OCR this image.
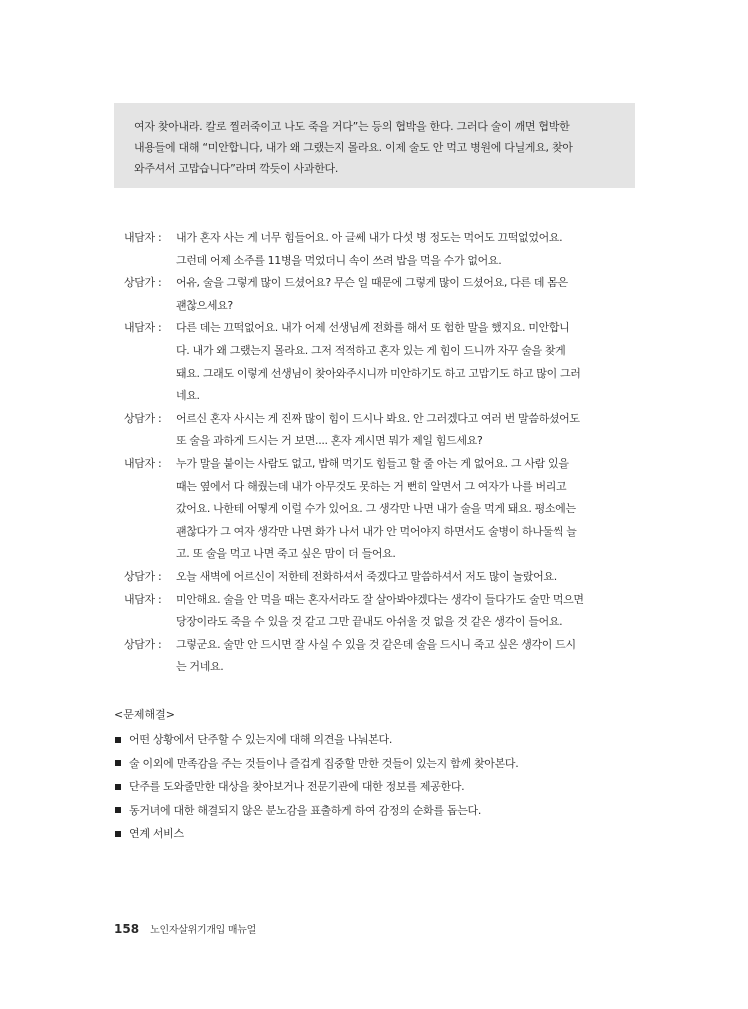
여자 찾아내라. 칼로 찔러죽이고 나도 죽을 거다”는 등의 협박을 한다. 그러다 술이 깨면 협박한

내용들에 대해 “미안합니다, 내가 왜 그랬는지 몰라요. 이제 술도 안 먹고 병원에 다닐게요, 찾아

와주셔서 고맙습니다”라며 깍듯이 사과한다.

내담자 :	내가 혼자 사는 게 너무 힘들어요. 아 글쎄 내가 다섯 병 정도는 먹어도 끄떡없었어요.

그런데 어제 소주를 11병을 먹었더니 속이 쓰려 밥을 먹을 수가 없어요.

상담가 :	어유, 술을 그렇게 많이 드셨어요? 무슨 일 때문에 그렇게 많이 드셨어요, 다른 데 몸은

괜찮으세요?

내담자 :	다른 데는 끄떡없어요. 내가 어제 선생님께 전화를 해서 또 험한 말을 했지요. 미안합니

다. 내가 왜 그랬는지 몰라요. 그저 적적하고 혼자 있는 게 힘이 드니까 자꾸 술을 찾게

돼요. 그래도 이렇게 선생님이 찾아와주시니까 미안하기도 하고 고맙기도 하고 많이 그러

네요.

상담가 :	어르신 혼자 사시는 게 진짜 많이 힘이 드시나 봐요. 안 그러겠다고 여러 번 말씀하셨어도

또 술을 과하게 드시는 거 보면.... 혼자 계시면 뭐가 제일 힘드세요?

내담자 :	누가 말을 붙이는 사람도 없고, 밥해 먹기도 힘들고 할 줄 아는 게 없어요. 그 사람 있을

때는 옆에서 다 해줬는데 내가 아무것도 못하는 거 뻔히 알면서 그 여자가 나를 버리고

갔어요. 나한테 어떻게 이럴 수가 있어요. 그 생각만 나면 내가 술을 먹게 돼요. 평소에는

괜찮다가 그 여자 생각만 나면 화가 나서 내가 안 먹어야지 하면서도 술병이 하나둘씩 늘

고. 또 술을 먹고 나면 죽고 싶은 맘이 더 들어요.

상담가 :	오늘 새벽에 어르신이 저한테 전화하셔서 죽겠다고 말씀하셔서 저도 많이 놀랐어요.

내담자 :	미안해요. 술을 안 먹을 때는 혼자서라도 잘 살아봐야겠다는 생각이 들다가도 술만 먹으면

당장이라도 죽을 수 있을 것 같고 그만 끝내도 아쉬울 것 없을 것 같은 생각이 들어요.

상담가 :	그렇군요. 술만 안 드시면 잘 사실 수 있을 것 같은데 술을 드시니 죽고 싶은 생각이 드시

는 거네요.

<문제해결>

어떤 상황에서 단주할 수 있는지에 대해 의견을 나눠본다.
술 이외에 만족감을 주는 것들이나 즐겁게 집중할 만한 것들이 있는지 함께 찾아본다.
단주를 도와줄만한 대상을 찾아보거나 전문기관에 대한 정보를 제공한다.
동거녀에 대한 해결되지 않은 분노감을 표출하게 하여 감정의 순화를 돕는다.
연계 서비스
158 노인자살위기개입 매뉴얼
